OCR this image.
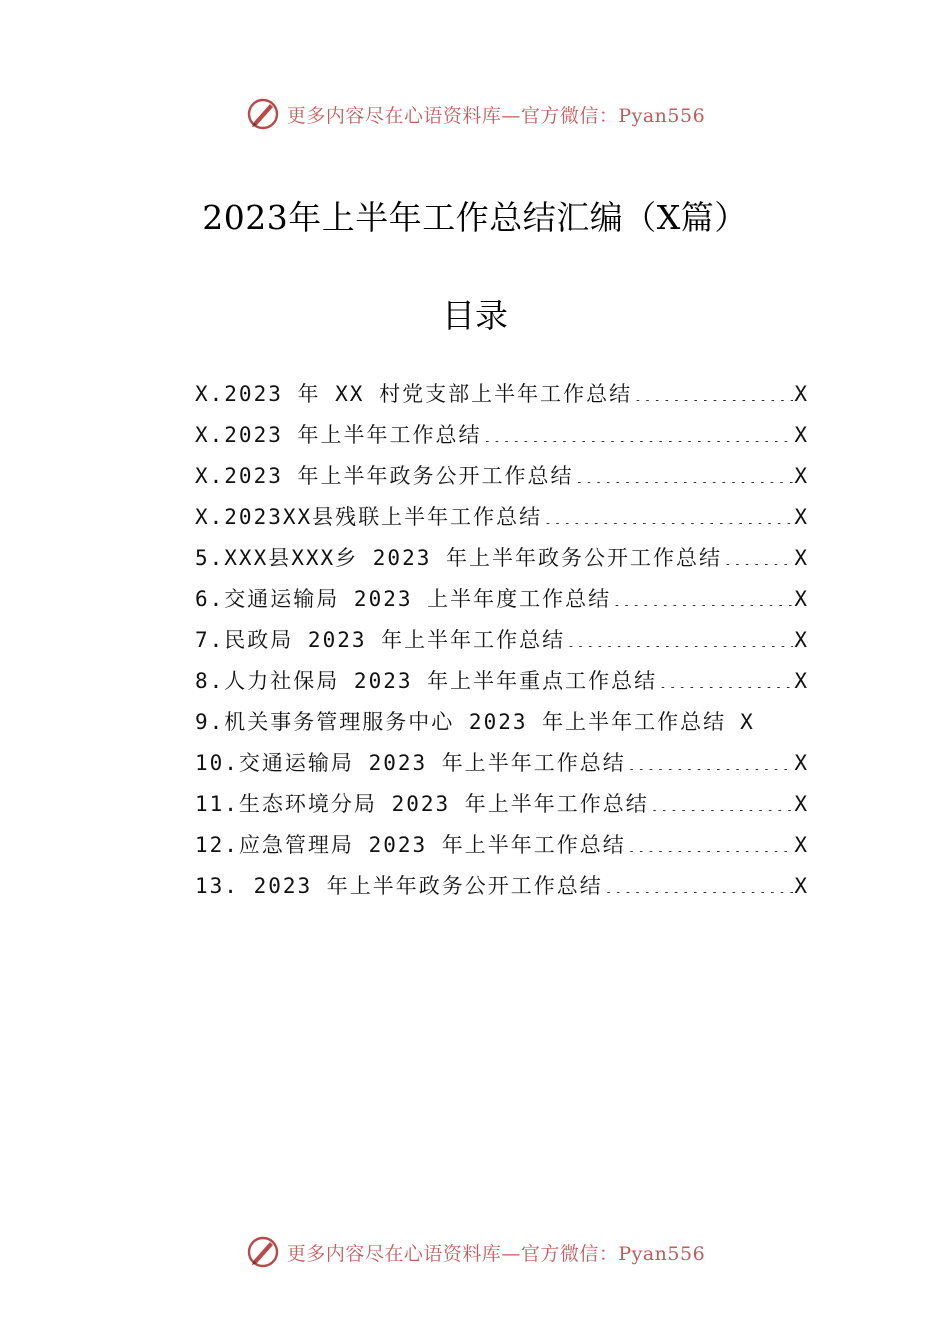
更多内容尽在心语资料库—官方微信：Pyan556
2023年上半年工作总结汇编（X篇）
目录
X.2023 年 XX 村党支部上半年工作总结 .....	X
X.2023 年上半年工作总结 .....	X
X.2023 年上半年政务公开工作总结 .....	X
X.2023XX县残联上半年工作总结 .....	X
5.XXX县XXX乡 2023 年上半年政务公开工作总结 .....	X
6.交通运输局 2023 上半年度工作总结 .....	X
7.民政局 2023 年上半年工作总结 .....	X
8.人力社保局 2023 年上半年重点工作总结 .....	X
9.机关事务管理服务中心 2023 年上半年工作总结 X
10.交通运输局 2023 年上半年工作总结 .....	X
11.生态环境分局 2023 年上半年工作总结 .....	X
12.应急管理局 2023 年上半年工作总结 .....	X
13. 2023 年上半年政务公开工作总结 .....	X
更多内容尽在心语资料库—官方微信：Pyan556
